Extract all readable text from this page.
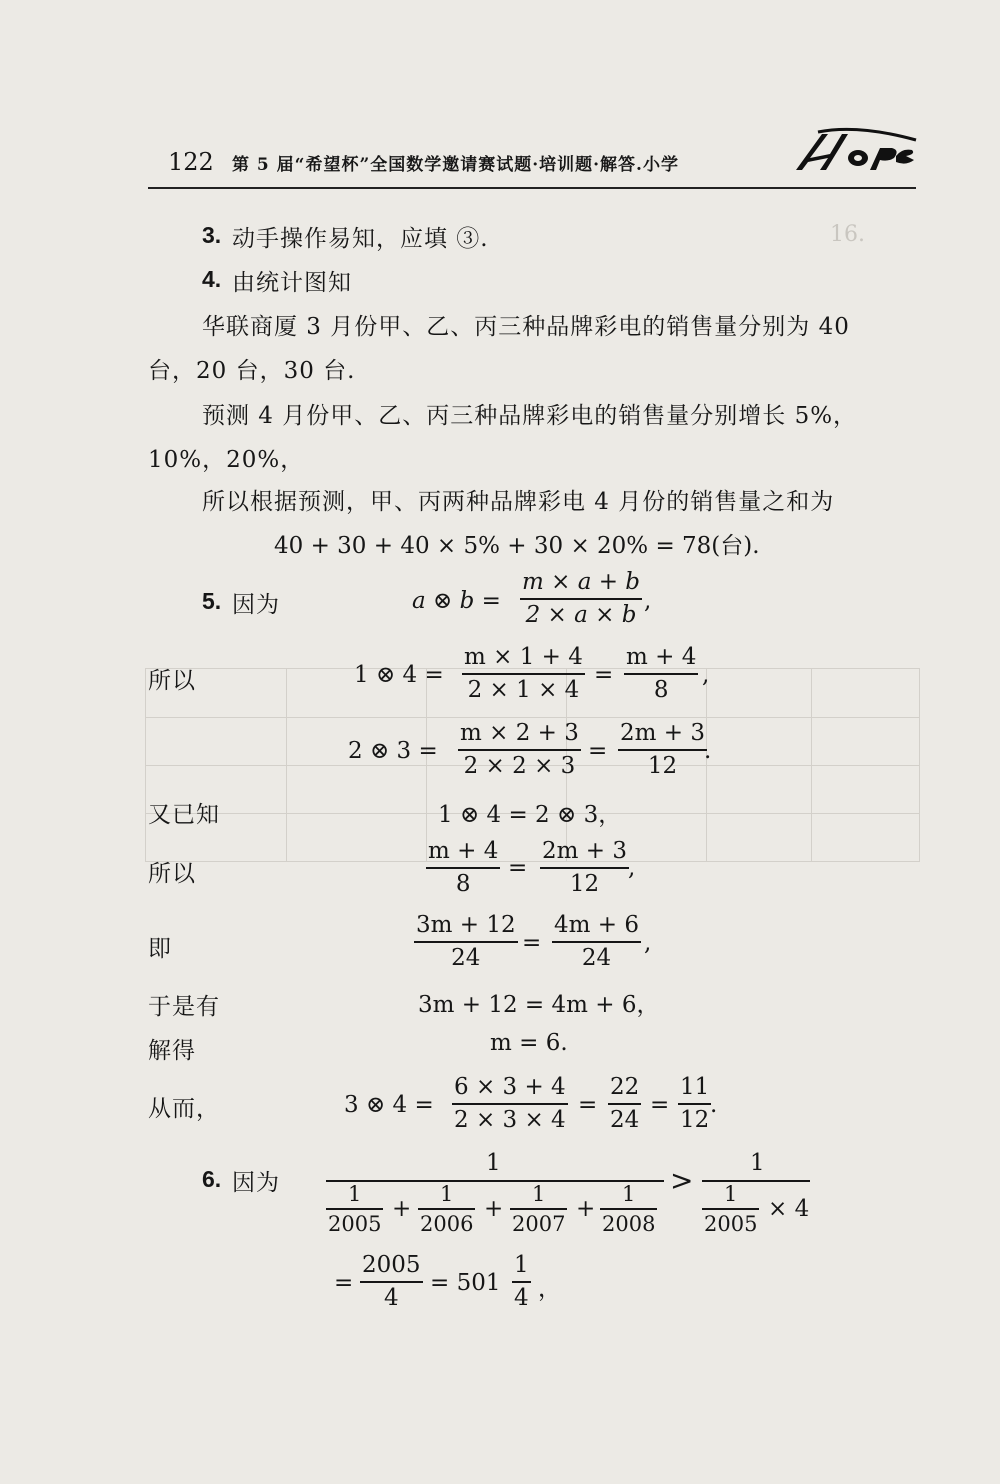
16.
122 第 5 届“希望杯”全国数学邀请赛试题·培训题·解答.小学
3. 动手操作易知，应填 ③.
4. 由统计图知
华联商厦 3 月份甲、乙、丙三种品牌彩电的销售量分别为 40
台，20 台，30 台.
预测 4 月份甲、乙、丙三种品牌彩电的销售量分别增长 5%，
10%，20%，
所以根据预测，甲、丙两种品牌彩电 4 月份的销售量之和为
40 + 30 + 40 × 5% + 30 × 20% = 78(台).
5. 因为	a ⊗ b =
m × a + b
2 × a × b
,
所以	1 ⊗ 4 =
m × 1 + 4
2 × 1 × 4
=
m + 4
8
,
2 ⊗ 3 =
m × 2 + 3
2 × 2 × 3
=
2m + 3
12
.
又已知	1 ⊗ 4 = 2 ⊗ 3，
所以
m + 4
8
=
2m + 3
12
,
即
3m + 12
24
=
4m + 6
24
,
于是有	3m + 12 = 4m + 6，
解得	m = 6.
从而，	3 ⊗ 4 =
6 × 3 + 4
2 × 3 × 4
=
22
24
=
11
12
.
6. 因为
1
1
2005
+
1
2006
+
1
2007
+
1
2008
>
1
1
2005
× 4
=
2005
4
= 501
1
4 ，
